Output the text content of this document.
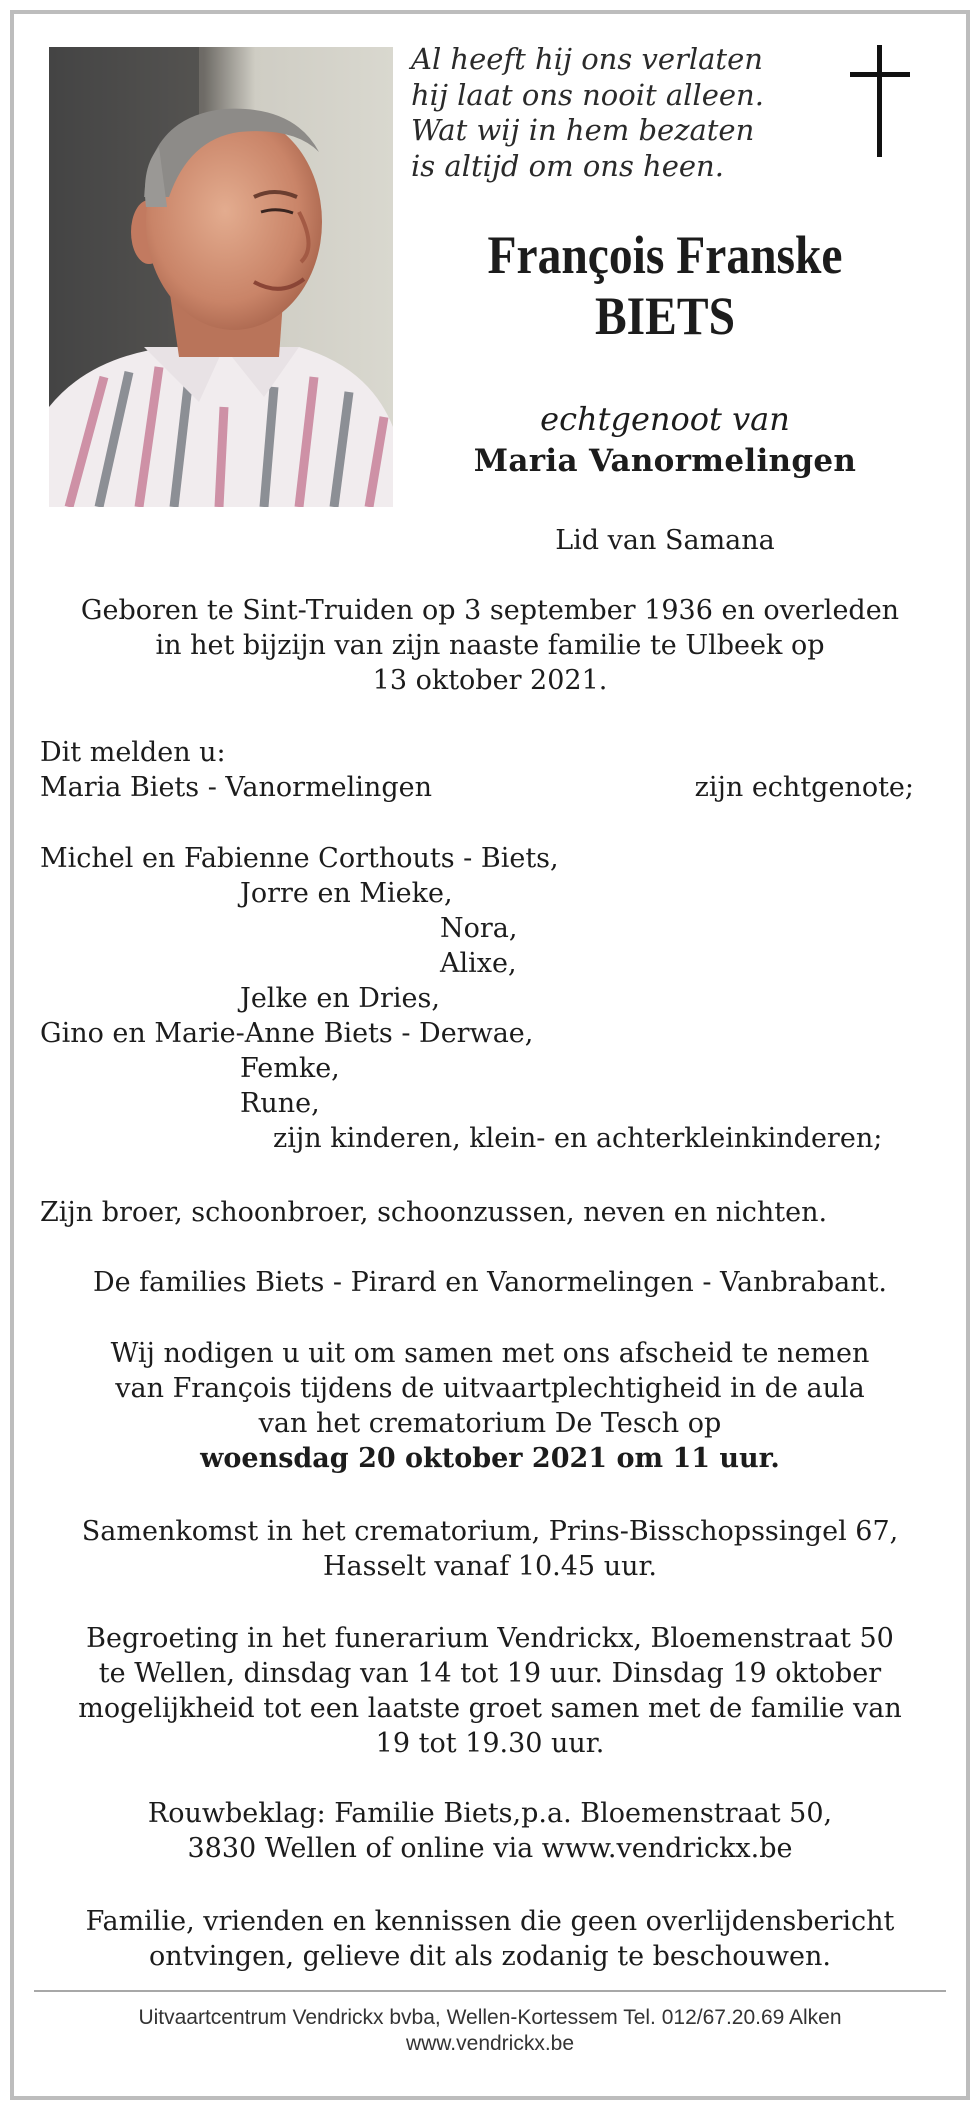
Al heeft hij ons verlaten
hij laat ons nooit alleen.
Wat wij in hem bezaten
is altijd om ons heen.
François Franske
BIETS
echtgenoot van
Maria Vanormelingen
Lid van Samana
Geboren te Sint-Truiden op 3 september 1936 en overleden
in het bijzijn van zijn naaste familie te Ulbeek op
13 oktober 2021.
Dit melden u:
Maria Biets - Vanormelingen	zijn echtgenote;
Michel en Fabienne Corthouts - Biets,
Jorre en Mieke,
Nora,
Alixe,
Jelke en Dries,
Gino en Marie-Anne Biets - Derwae,
Femke,
Rune,
zijn kinderen, klein- en achterkleinkinderen;
Zijn broer, schoonbroer, schoonzussen, neven en nichten.
De families Biets - Pirard en Vanormelingen - Vanbrabant.
Wij nodigen u uit om samen met ons afscheid te nemen
van François tijdens de uitvaartplechtigheid in de aula
van het crematorium De Tesch op
woensdag 20 oktober 2021 om 11 uur.
Samenkomst in het crematorium, Prins-Bisschopssingel 67,
Hasselt vanaf 10.45 uur.
Begroeting in het funerarium Vendrickx, Bloemenstraat 50
te Wellen, dinsdag van 14 tot 19 uur. Dinsdag 19 oktober
mogelijkheid tot een laatste groet samen met de familie van
19 tot 19.30 uur.
Rouwbeklag: Familie Biets,p.a. Bloemenstraat 50,
3830 Wellen of online via www.vendrickx.be
Familie, vrienden en kennissen die geen overlijdensbericht
ontvingen, gelieve dit als zodanig te beschouwen.
Uitvaartcentrum Vendrickx bvba, Wellen-Kortessem Tel. 012/67.20.69 Alken
www.vendrickx.be
